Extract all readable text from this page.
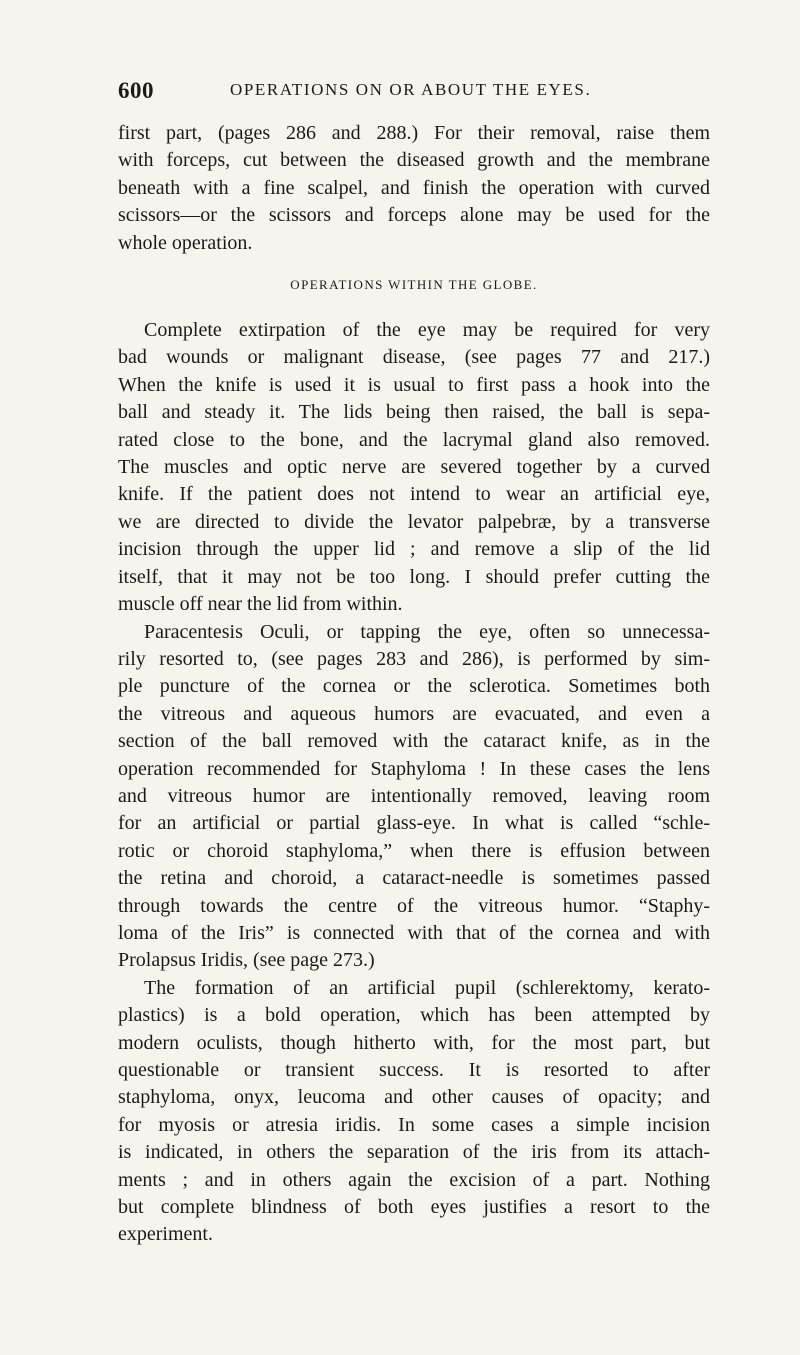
600	OPERATIONS ON OR ABOUT THE EYES.
first part, (pages 286 and 288.) For their removal, raise them
with forceps, cut between the diseased growth and the membrane
beneath with a fine scalpel, and finish the operation with curved
scissors—or the scissors and forceps alone may be used for the
whole operation.
OPERATIONS WITHIN THE GLOBE.
Complete extirpation of the eye may be required for very
bad wounds or malignant disease, (see pages 77 and 217.)
When the knife is used it is usual to first pass a hook into the
ball and steady it. The lids being then raised, the ball is sepa-
rated close to the bone, and the lacrymal gland also removed.
The muscles and optic nerve are severed together by a curved
knife. If the patient does not intend to wear an artificial eye,
we are directed to divide the levator palpebræ, by a transverse
incision through the upper lid ; and remove a slip of the lid
itself, that it may not be too long. I should prefer cutting the
muscle off near the lid from within.
Paracentesis Oculi, or tapping the eye, often so unnecessa-
rily resorted to, (see pages 283 and 286), is performed by sim-
ple puncture of the cornea or the sclerotica. Sometimes both
the vitreous and aqueous humors are evacuated, and even a
section of the ball removed with the cataract knife, as in the
operation recommended for Staphyloma ! In these cases the lens
and vitreous humor are intentionally removed, leaving room
for an artificial or partial glass-eye. In what is called “schle-
rotic or choroid staphyloma,” when there is effusion between
the retina and choroid, a cataract-needle is sometimes passed
through towards the centre of the vitreous humor. “Staphy-
loma of the Iris” is connected with that of the cornea and with
Prolapsus Iridis, (see page 273.)
The formation of an artificial pupil (schlerektomy, kerato-
plastics) is a bold operation, which has been attempted by
modern oculists, though hitherto with, for the most part, but
questionable or transient success. It is resorted to after
staphyloma, onyx, leucoma and other causes of opacity; and
for myosis or atresia iridis. In some cases a simple incision
is indicated, in others the separation of the iris from its attach-
ments ; and in others again the excision of a part. Nothing
but complete blindness of both eyes justifies a resort to the
experiment.
